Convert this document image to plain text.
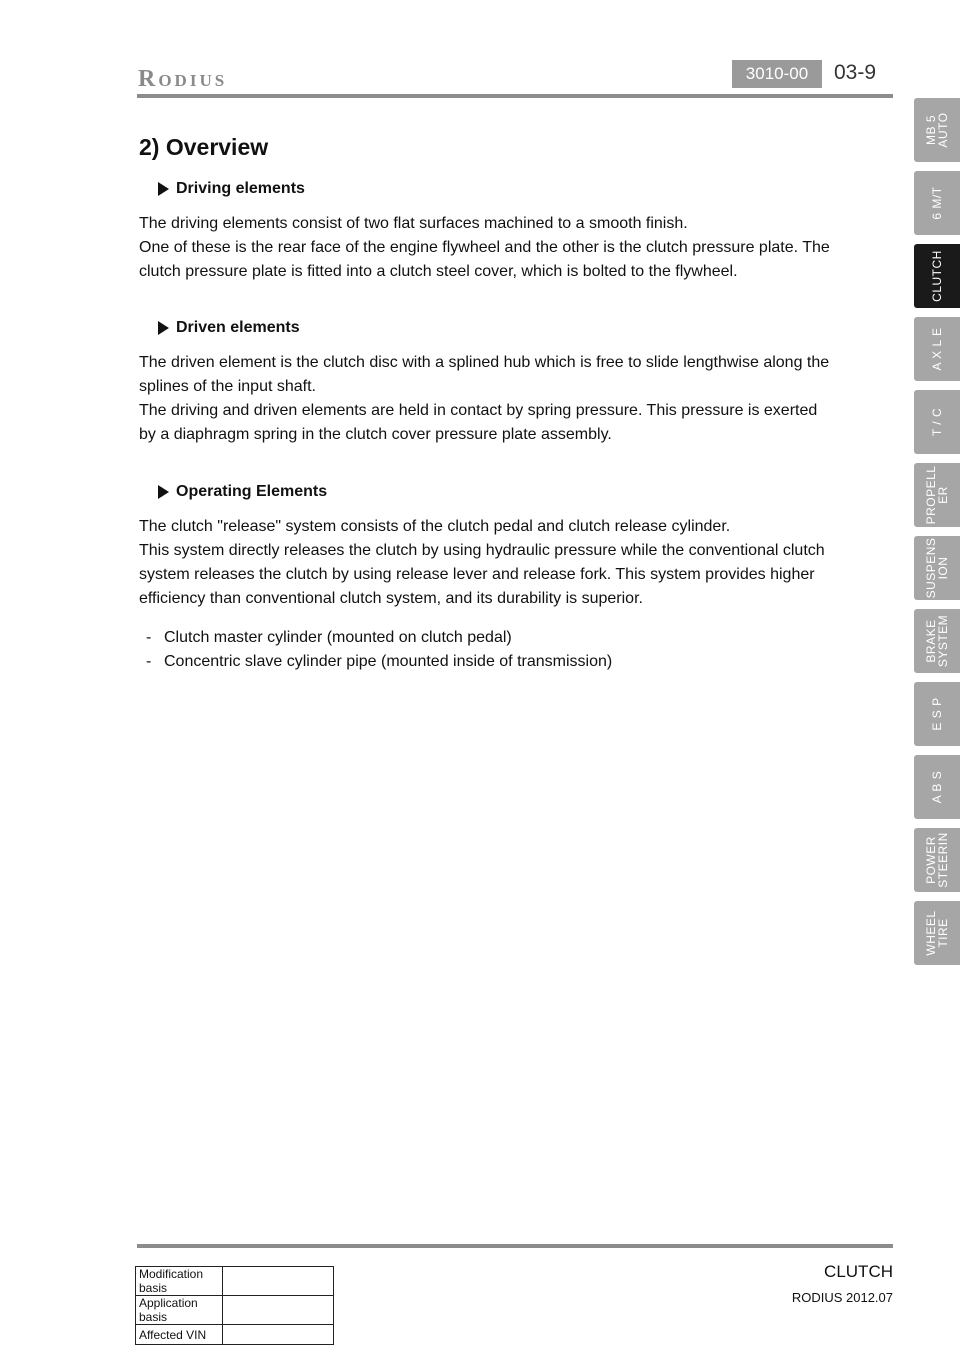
Rodius	3010-00	03-9
2) Overview
Driving elements

The driving elements consist of two flat surfaces machined to a smooth finish.
One of these is the rear face of the engine flywheel and the other is the clutch pressure plate. The
clutch pressure plate is fitted into a clutch steel cover, which is bolted to the flywheel.

Driven elements

The driven element is the clutch disc with a splined hub which is free to slide lengthwise along the
splines of the input shaft.
The driving and driven elements are held in contact by spring pressure. This pressure is exerted
by a diaphragm spring in the clutch cover pressure plate assembly.

Operating Elements

The clutch "release" system consists of the clutch pedal and clutch release cylinder.
This system directly releases the clutch by using hydraulic pressure while the conventional clutch
system releases the clutch by using release lever and release fork. This system provides higher
efficiency than conventional clutch system, and its durability is superior.

- Clutch master cylinder (mounted on clutch pedal)
- Concentric slave cylinder pipe (mounted inside of transmission)
MB 5
AUTO
6 M/T
CLUTCH
A X L E
T / C
PROPELL
ER
SUSPENS
ION
BRAKE
SYSTEM
E S P
A B S
POWER
STEERIN
WHEEL
TIRE
Modification basis	
Application basis	
Affected VIN	
CLUTCH
RODIUS 2012.07
